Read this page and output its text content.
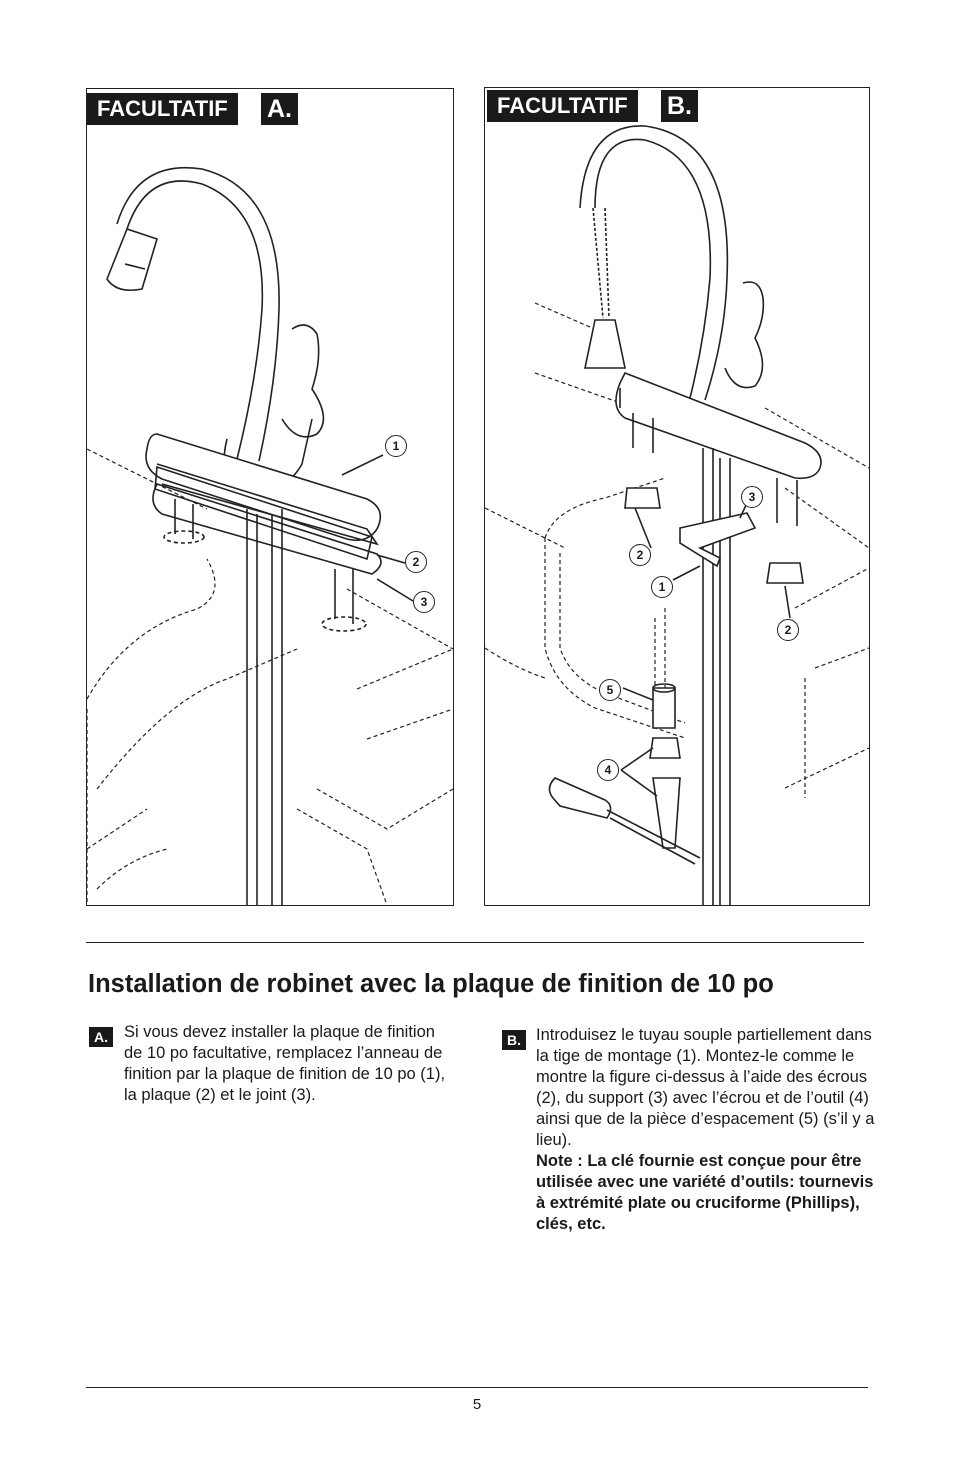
FACULTATIF	A.
1
2
3
FACULTATIF	B.
3
2
1
2
5
4
Installation de robinet avec la plaque de finition de 10 po
A. Si vous devez installer la plaque de finition de 10 po facultative, remplacez l’anneau de finition par la plaque de finition de 10 po (1), la plaque (2) et le joint (3).

B. Introduisez le tuyau souple partiellement dans la tige de montage (1). Montez-le comme le montre la figure ci-dessus à l’aide des écrous (2), du support (3) avec l’écrou et de l’outil (4) ainsi que de la pièce d’espacement (5) (s’il y a lieu).
Note : La clé fournie est conçue pour être utilisée avec une variété d’outils: tournevis à extrémité plate ou cruciforme (Phillips), clés, etc.

5
